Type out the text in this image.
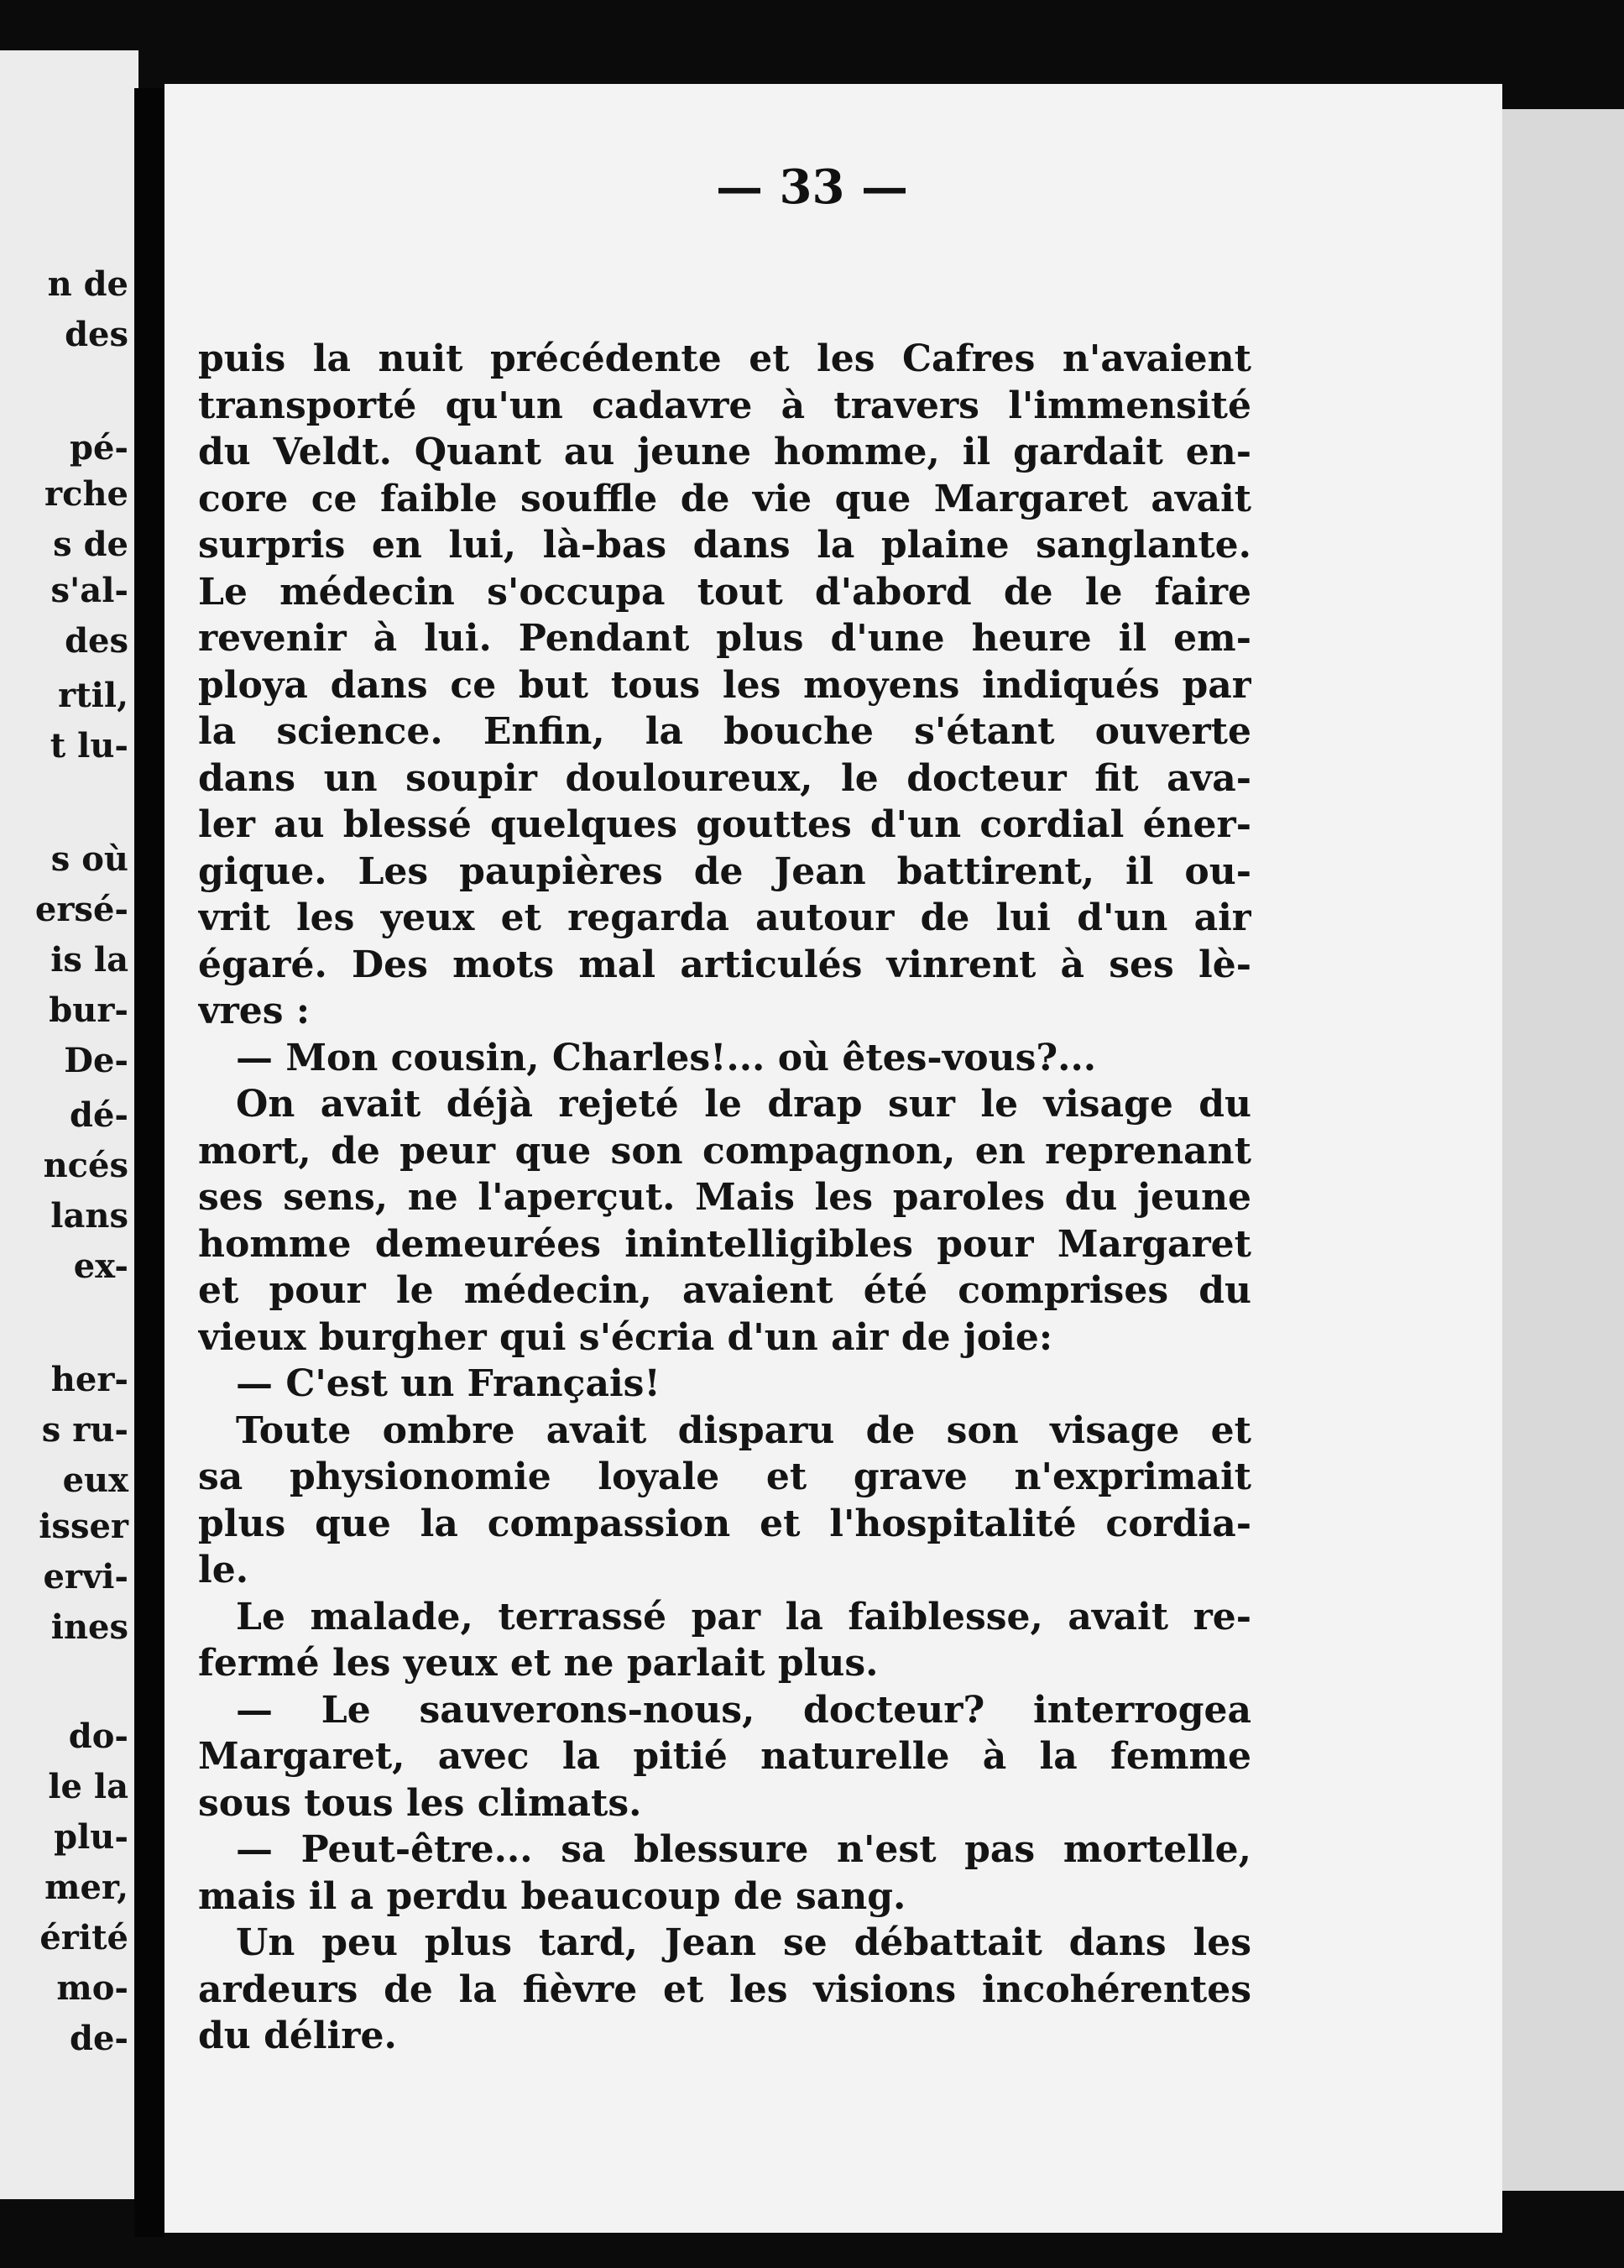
n de
des
pé-
rche
s de
s'al-
des
rtil,
t lu-
s où
ersé-
is la
bur-
De-
dé-
ncés
lans
ex-
her-
s ru-
eux
isser
ervi-
ines
do-
le la
plu-
mer,
érité
mo-
de-
— 33 —
puis la nuit précédente et les Cafres n'avaient
transporté qu'un cadavre à travers l'immensité
du Veldt. Quant au jeune homme, il gardait en-
core ce faible souffle de vie que Margaret avait
surpris en lui, là-bas dans la plaine sanglante.
Le médecin s'occupa tout d'abord de le faire
revenir à lui. Pendant plus d'une heure il em-
ploya dans ce but tous les moyens indiqués par
la science. Enfin, la bouche s'étant ouverte
dans un soupir douloureux, le docteur fit ava-
ler au blessé quelques gouttes d'un cordial éner-
gique. Les paupières de Jean battirent, il ou-
vrit les yeux et regarda autour de lui d'un air
égaré. Des mots mal articulés vinrent à ses lè-
vres :
— Mon cousin, Charles!... où êtes-vous?...
On avait déjà rejeté le drap sur le visage du
mort, de peur que son compagnon, en reprenant
ses sens, ne l'aperçut. Mais les paroles du jeune
homme demeurées inintelligibles pour Margaret
et pour le médecin, avaient été comprises du
vieux burgher qui s'écria d'un air de joie:
— C'est un Français!
Toute ombre avait disparu de son visage et
sa physionomie loyale et grave n'exprimait
plus que la compassion et l'hospitalité cordia-
le.
Le malade, terrassé par la faiblesse, avait re-
fermé les yeux et ne parlait plus.
— Le sauverons-nous, docteur? interrogea
Margaret, avec la pitié naturelle à la femme
sous tous les climats.
— Peut-être... sa blessure n'est pas mortelle,
mais il a perdu beaucoup de sang.
Un peu plus tard, Jean se débattait dans les
ardeurs de la fièvre et les visions incohérentes
du délire.
